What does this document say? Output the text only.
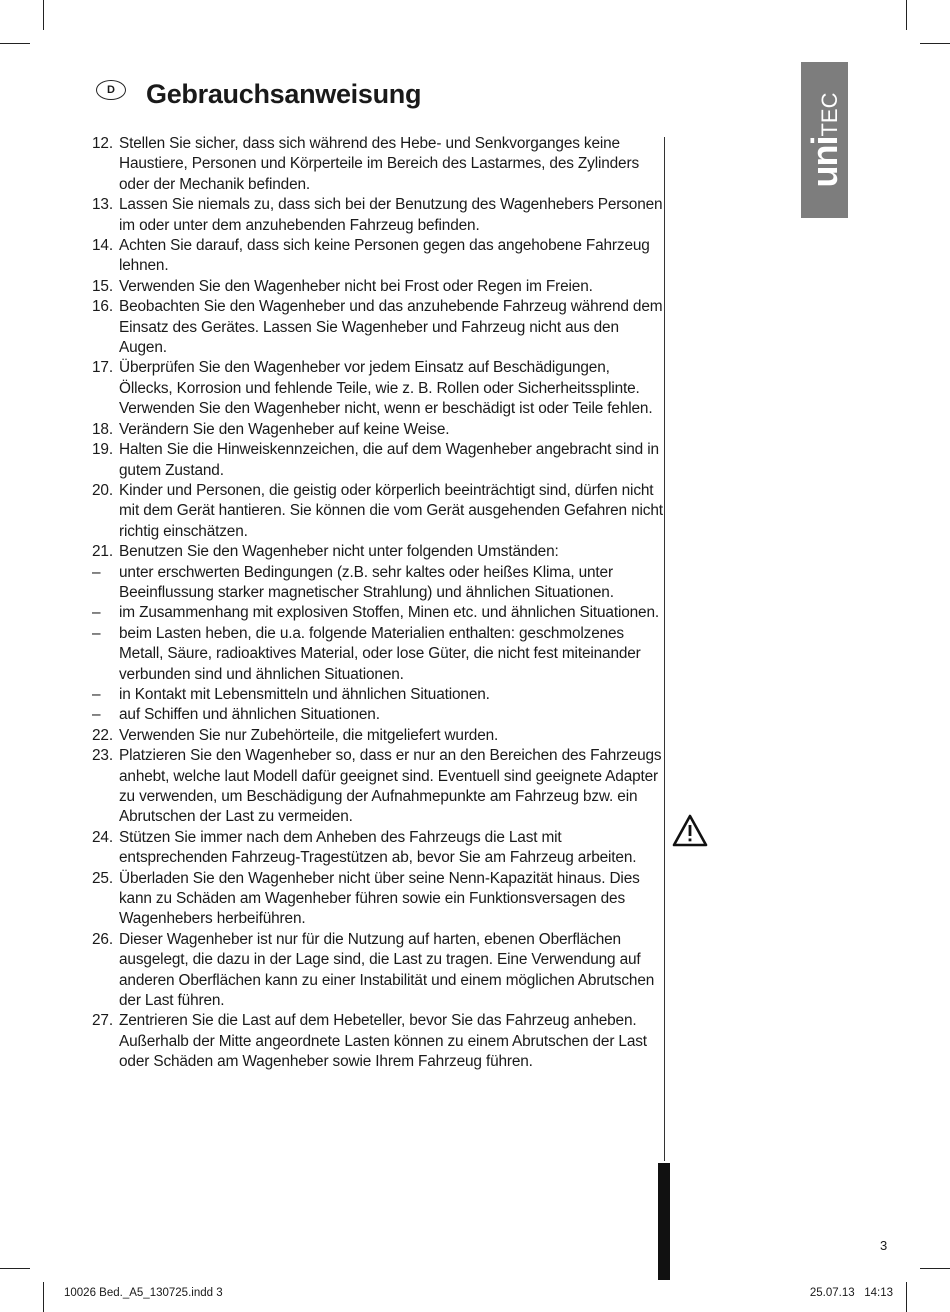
D	Gebrauchsanweisung
uniTEC
12. Stellen Sie sicher, dass sich während des Hebe- und Senkvorganges keine Haustiere, Personen und Körperteile im Bereich des Lastarmes, des Zylinders oder der Mechanik befinden.
13. Lassen Sie niemals zu, dass sich bei der Benutzung des Wagenhebers Personen im oder unter dem anzuhebenden Fahrzeug befinden.
14. Achten Sie darauf, dass sich keine Personen gegen das angehobene Fahrzeug lehnen.
15. Verwenden Sie den Wagenheber nicht bei Frost oder Regen im Freien.
16. Beobachten Sie den Wagenheber und das anzuhebende Fahrzeug während dem Einsatz des Gerätes. Lassen Sie Wagenheber und Fahrzeug nicht aus den Augen.
17. Überprüfen Sie den Wagenheber vor jedem Einsatz auf Beschädigungen, Öllecks, Korrosion und fehlende Teile, wie z. B. Rollen oder Sicherheitssplinte. Verwenden Sie den Wagenheber nicht, wenn er beschädigt ist oder Teile fehlen.
18. Verändern Sie den Wagenheber auf keine Weise.
19. Halten Sie die Hinweiskennzeichen, die auf dem Wagenheber angebracht sind in gutem Zustand.
20. Kinder und Personen, die geistig oder körperlich beeinträchtigt sind, dürfen nicht mit dem Gerät hantieren. Sie können die vom Gerät ausgehenden Gefahren nicht richtig einschätzen.
21. Benutzen Sie den Wagenheber nicht unter folgenden Umständen:
– unter erschwerten Bedingungen (z.B. sehr kaltes oder heißes Klima, unter Beeinflussung starker magnetischer Strahlung) und ähnlichen Situationen.
– im Zusammenhang mit explosiven Stoffen, Minen etc. und ähnlichen Situationen.
– beim Lasten heben, die u.a. folgende Materialien enthalten: geschmolzenes Metall, Säure, radioaktives Material, oder lose Güter, die nicht fest miteinander verbunden sind und ähnlichen Situationen.
– in Kontakt mit Lebensmitteln und ähnlichen Situationen.
– auf Schiffen und ähnlichen Situationen.
22. Verwenden Sie nur Zubehörteile, die mitgeliefert wurden.
23. Platzieren Sie den Wagenheber so, dass er nur an den Bereichen des Fahrzeugs anhebt, welche laut Modell dafür geeignet sind. Eventuell sind geeignete Adapter zu verwenden, um Beschädigung der Aufnahmepunkte am Fahrzeug bzw. ein Abrutschen der Last zu vermeiden.
24. Stützen Sie immer nach dem Anheben des Fahrzeugs die Last mit entsprechenden Fahrzeug-Tragestützen ab, bevor Sie am Fahrzeug arbeiten.
25. Überladen Sie den Wagenheber nicht über seine Nenn-Kapazität hinaus. Dies kann zu Schäden am Wagenheber führen sowie ein Funktionsversagen des Wagenhebers herbeiführen.
26. Dieser Wagenheber ist nur für die Nutzung auf harten, ebenen Oberflächen ausgelegt, die dazu in der Lage sind, die Last zu tragen. Eine Verwendung auf anderen Oberflächen kann zu einer Instabilität und einem möglichen Abrutschen der Last führen.
27. Zentrieren Sie die Last auf dem Hebeteller, bevor Sie das Fahrzeug anheben. Außerhalb der Mitte angeordnete Lasten können zu einem Abrutschen der Last oder Schäden am Wagenheber sowie Ihrem Fahrzeug führen.
3
10026 Bed._A5_130725.indd 3	25.07.13   14:13
